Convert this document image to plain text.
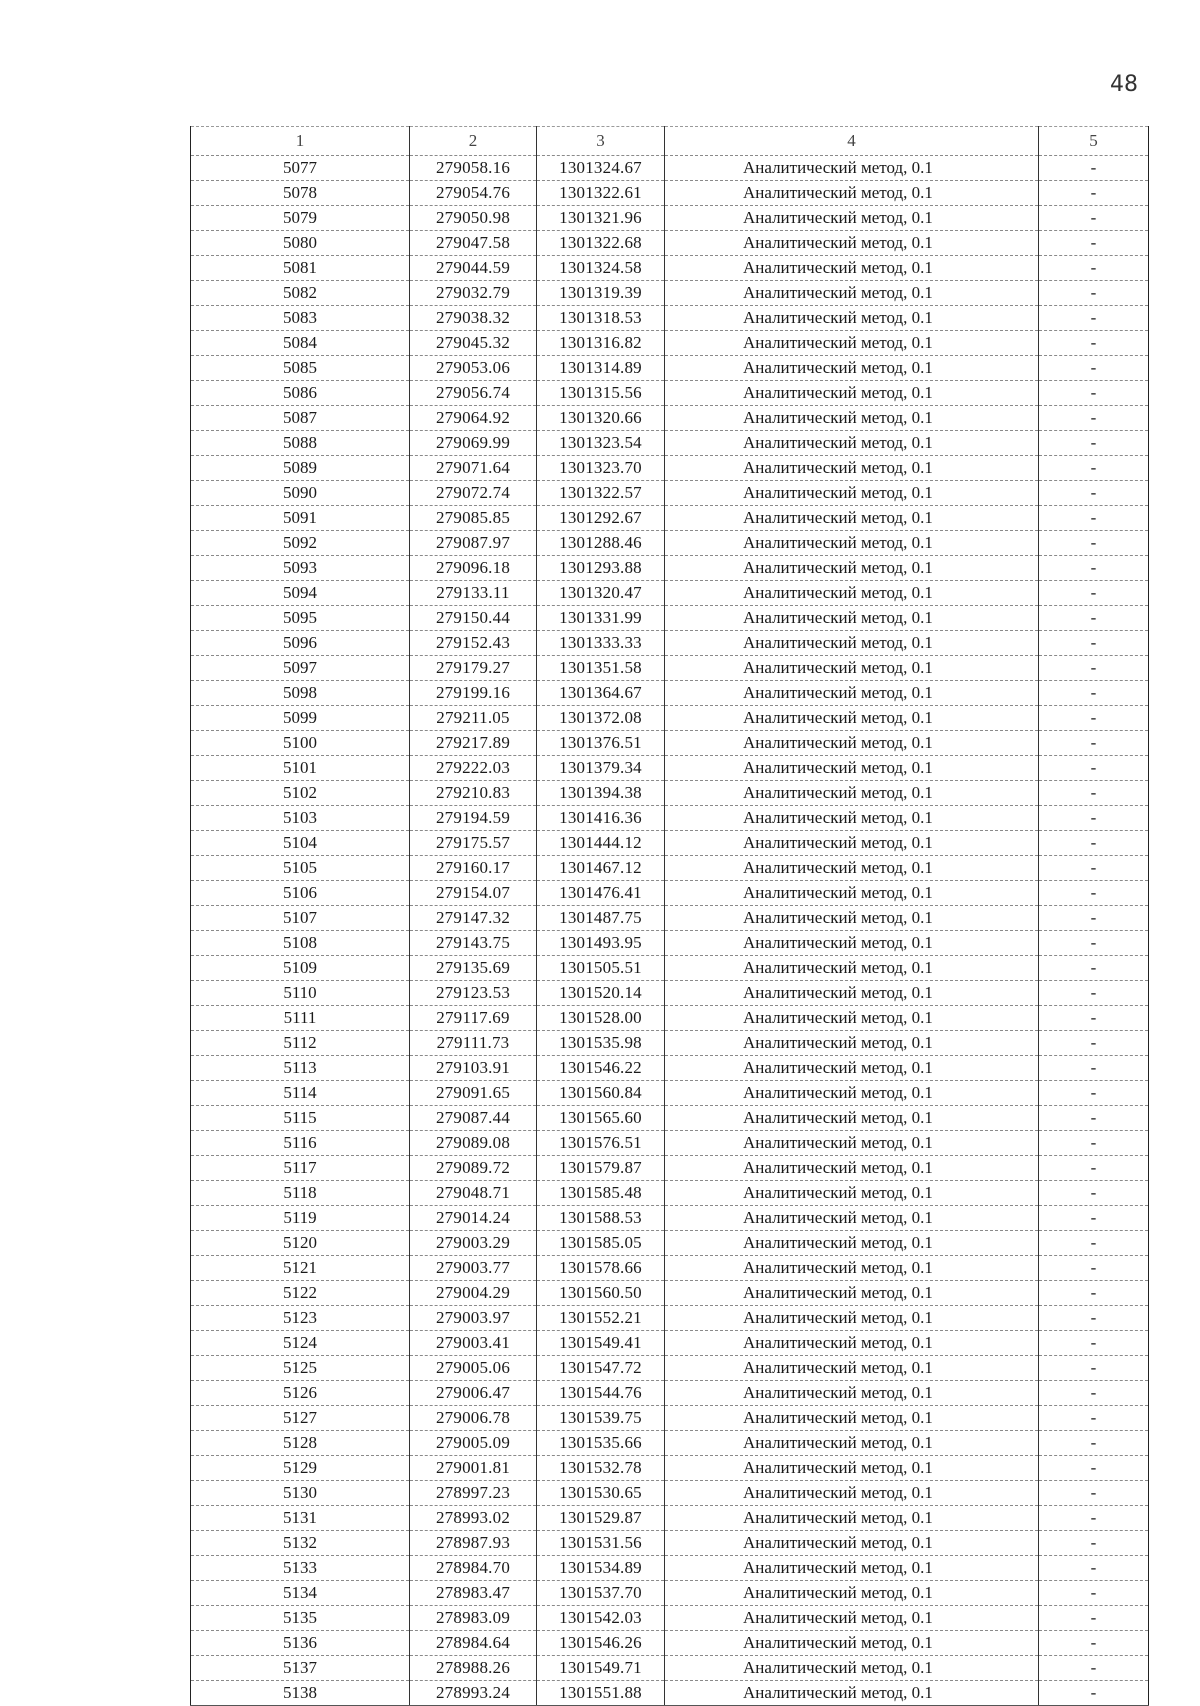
48
1	2	3	4	5
5077	279058.16	1301324.67	Аналитический метод, 0.1	-
5078	279054.76	1301322.61	Аналитический метод, 0.1	-
5079	279050.98	1301321.96	Аналитический метод, 0.1	-
5080	279047.58	1301322.68	Аналитический метод, 0.1	-
5081	279044.59	1301324.58	Аналитический метод, 0.1	-
5082	279032.79	1301319.39	Аналитический метод, 0.1	-
5083	279038.32	1301318.53	Аналитический метод, 0.1	-
5084	279045.32	1301316.82	Аналитический метод, 0.1	-
5085	279053.06	1301314.89	Аналитический метод, 0.1	-
5086	279056.74	1301315.56	Аналитический метод, 0.1	-
5087	279064.92	1301320.66	Аналитический метод, 0.1	-
5088	279069.99	1301323.54	Аналитический метод, 0.1	-
5089	279071.64	1301323.70	Аналитический метод, 0.1	-
5090	279072.74	1301322.57	Аналитический метод, 0.1	-
5091	279085.85	1301292.67	Аналитический метод, 0.1	-
5092	279087.97	1301288.46	Аналитический метод, 0.1	-
5093	279096.18	1301293.88	Аналитический метод, 0.1	-
5094	279133.11	1301320.47	Аналитический метод, 0.1	-
5095	279150.44	1301331.99	Аналитический метод, 0.1	-
5096	279152.43	1301333.33	Аналитический метод, 0.1	-
5097	279179.27	1301351.58	Аналитический метод, 0.1	-
5098	279199.16	1301364.67	Аналитический метод, 0.1	-
5099	279211.05	1301372.08	Аналитический метод, 0.1	-
5100	279217.89	1301376.51	Аналитический метод, 0.1	-
5101	279222.03	1301379.34	Аналитический метод, 0.1	-
5102	279210.83	1301394.38	Аналитический метод, 0.1	-
5103	279194.59	1301416.36	Аналитический метод, 0.1	-
5104	279175.57	1301444.12	Аналитический метод, 0.1	-
5105	279160.17	1301467.12	Аналитический метод, 0.1	-
5106	279154.07	1301476.41	Аналитический метод, 0.1	-
5107	279147.32	1301487.75	Аналитический метод, 0.1	-
5108	279143.75	1301493.95	Аналитический метод, 0.1	-
5109	279135.69	1301505.51	Аналитический метод, 0.1	-
5110	279123.53	1301520.14	Аналитический метод, 0.1	-
5111	279117.69	1301528.00	Аналитический метод, 0.1	-
5112	279111.73	1301535.98	Аналитический метод, 0.1	-
5113	279103.91	1301546.22	Аналитический метод, 0.1	-
5114	279091.65	1301560.84	Аналитический метод, 0.1	-
5115	279087.44	1301565.60	Аналитический метод, 0.1	-
5116	279089.08	1301576.51	Аналитический метод, 0.1	-
5117	279089.72	1301579.87	Аналитический метод, 0.1	-
5118	279048.71	1301585.48	Аналитический метод, 0.1	-
5119	279014.24	1301588.53	Аналитический метод, 0.1	-
5120	279003.29	1301585.05	Аналитический метод, 0.1	-
5121	279003.77	1301578.66	Аналитический метод, 0.1	-
5122	279004.29	1301560.50	Аналитический метод, 0.1	-
5123	279003.97	1301552.21	Аналитический метод, 0.1	-
5124	279003.41	1301549.41	Аналитический метод, 0.1	-
5125	279005.06	1301547.72	Аналитический метод, 0.1	-
5126	279006.47	1301544.76	Аналитический метод, 0.1	-
5127	279006.78	1301539.75	Аналитический метод, 0.1	-
5128	279005.09	1301535.66	Аналитический метод, 0.1	-
5129	279001.81	1301532.78	Аналитический метод, 0.1	-
5130	278997.23	1301530.65	Аналитический метод, 0.1	-
5131	278993.02	1301529.87	Аналитический метод, 0.1	-
5132	278987.93	1301531.56	Аналитический метод, 0.1	-
5133	278984.70	1301534.89	Аналитический метод, 0.1	-
5134	278983.47	1301537.70	Аналитический метод, 0.1	-
5135	278983.09	1301542.03	Аналитический метод, 0.1	-
5136	278984.64	1301546.26	Аналитический метод, 0.1	-
5137	278988.26	1301549.71	Аналитический метод, 0.1	-
5138	278993.24	1301551.88	Аналитический метод, 0.1	-
